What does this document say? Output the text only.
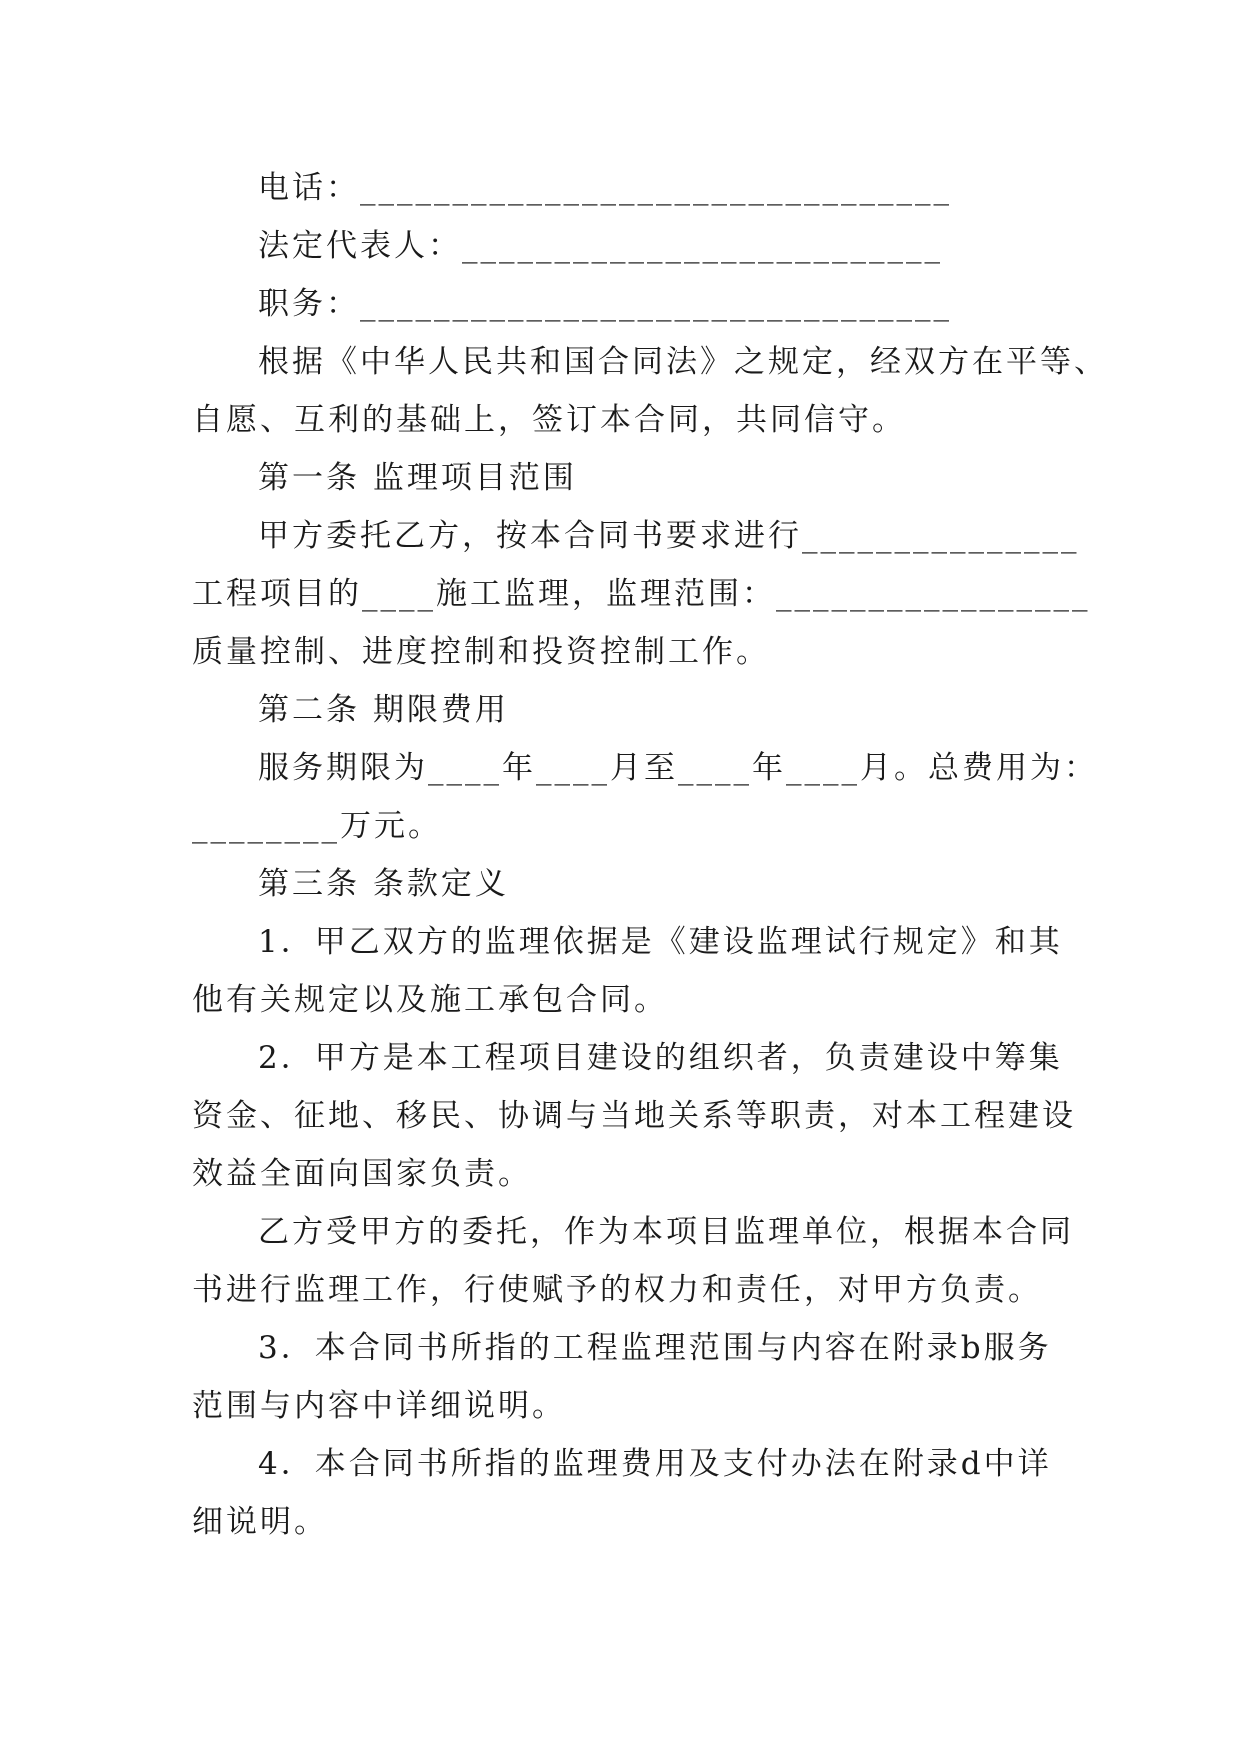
电话：________________________________
法定代表人：__________________________
职务：________________________________
根据《中华人民共和国合同法》之规定，经双方在平等、
自愿、互利的基础上，签订本合同，共同信守。
第一条 监理项目范围
甲方委托乙方，按本合同书要求进行_______________
工程项目的____施工监理，监理范围：_________________
质量控制、进度控制和投资控制工作。
第二条 期限费用
服务期限为____年____月至____年____月。总费用为：
________万元。
第三条 条款定义
1．甲乙双方的监理依据是《建设监理试行规定》和其
他有关规定以及施工承包合同。
2．甲方是本工程项目建设的组织者，负责建设中筹集
资金、征地、移民、协调与当地关系等职责，对本工程建设
效益全面向国家负责。
乙方受甲方的委托，作为本项目监理单位，根据本合同
书进行监理工作，行使赋予的权力和责任，对甲方负责。
3．本合同书所指的工程监理范围与内容在附录b服务
范围与内容中详细说明。
4．本合同书所指的监理费用及支付办法在附录d中详
细说明。
